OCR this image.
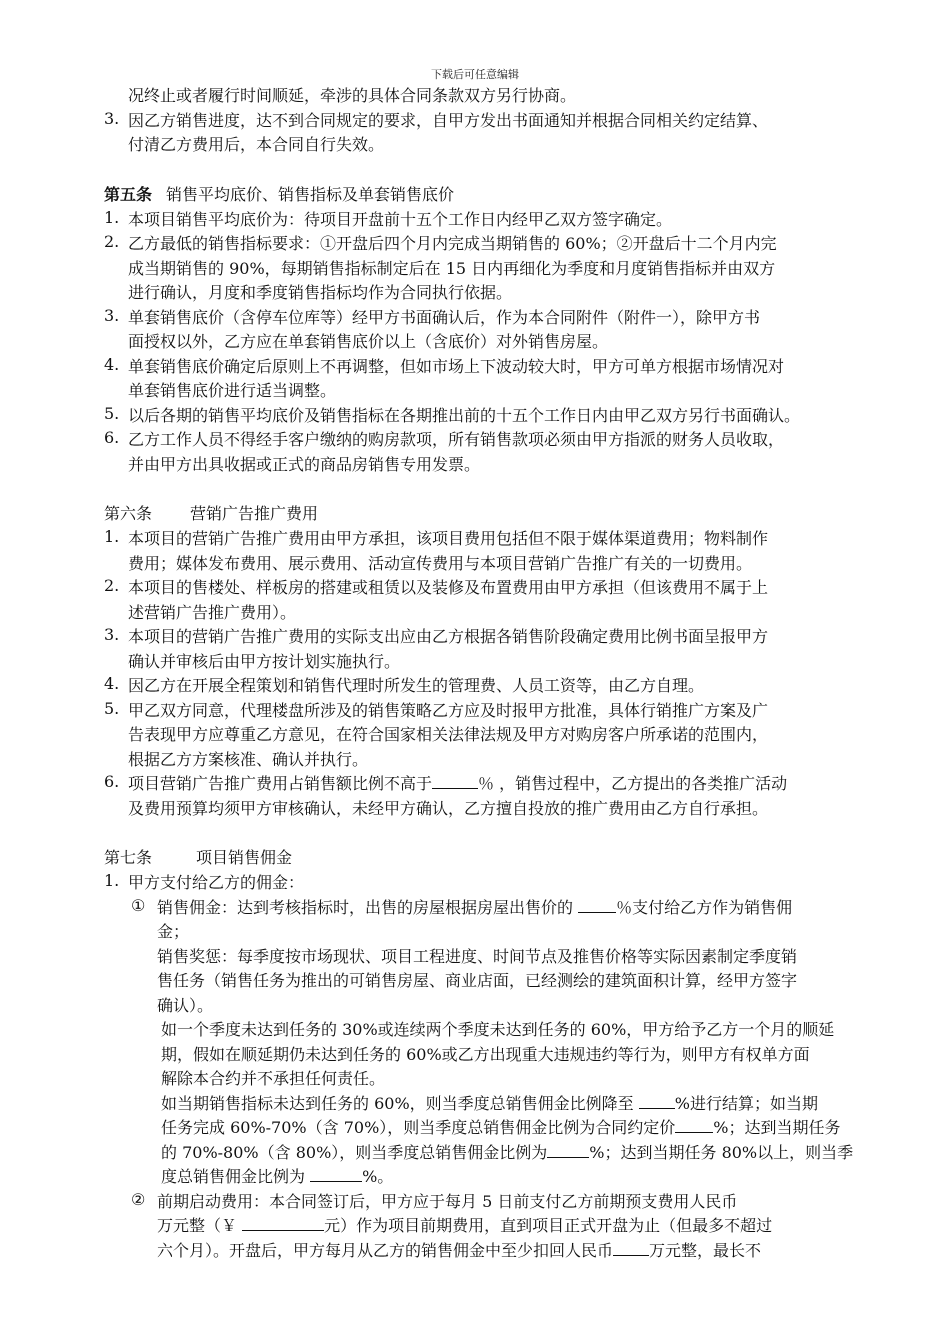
下载后可任意编辑
况终止或者履行时间顺延，牵涉的具体合同条款双方另行协商。
3. 因乙方销售进度，达不到合同规定的要求，自甲方发出书面通知并根据合同相关约定结算、
付清乙方费用后，本合同自行失效。
第五条 销售平均底价、销售指标及单套销售底价
1. 本项目销售平均底价为：待项目开盘前十五个工作日内经甲乙双方签字确定。
2. 乙方最低的销售指标要求：①开盘后四个月内完成当期销售的 60%；②开盘后十二个月内完
成当期销售的 90%，每期销售指标制定后在 15 日内再细化为季度和月度销售指标并由双方
进行确认，月度和季度销售指标均作为合同执行依据。
3. 单套销售底价（含停车位库等）经甲方书面确认后，作为本合同附件（附件一），除甲方书
面授权以外，乙方应在单套销售底价以上（含底价）对外销售房屋。
4. 单套销售底价确定后原则上不再调整，但如市场上下波动较大时，甲方可单方根据市场情况对
单套销售底价进行适当调整。
5. 以后各期的销售平均底价及销售指标在各期推出前的十五个工作日内由甲乙双方另行书面确认。
6. 乙方工作人员不得经手客户缴纳的购房款项，所有销售款项必须由甲方指派的财务人员收取，
并由甲方出具收据或正式的商品房销售专用发票。
第六条 营销广告推广费用
1. 本项目的营销广告推广费用由甲方承担，该项目费用包括但不限于媒体渠道费用；物料制作
费用；媒体发布费用、展示费用、活动宣传费用与本项目营销广告推广有关的一切费用。
2. 本项目的售楼处、样板房的搭建或租赁以及装修及布置费用由甲方承担（但该费用不属于上
述营销广告推广费用）。
3. 本项目的营销广告推广费用的实际支出应由乙方根据各销售阶段确定费用比例书面呈报甲方
确认并审核后由甲方按计划实施执行。
4. 因乙方在开展全程策划和销售代理时所发生的管理费、人员工资等，由乙方自理。
5. 甲乙双方同意，代理楼盘所涉及的销售策略乙方应及时报甲方批准，具体行销推广方案及广
告表现甲方应尊重乙方意见，在符合国家相关法律法规及甲方对购房客户所承诺的范围内，
根据乙方方案核准、确认并执行。
6. 项目营销广告推广费用占销售额比例不高于	％ ，销售过程中，乙方提出的各类推广活动
及费用预算均须甲方审核确认，未经甲方确认，乙方擅自投放的推广费用由乙方自行承担。
第七条	项目销售佣金
1. 甲方支付给乙方的佣金：
① 销售佣金：达到考核指标时，出售的房屋根据房屋出售价的 ％支付给乙方作为销售佣
金；
销售奖惩：每季度按市场现状、项目工程进度、时间节点及推售价格等实际因素制定季度销
售任务（销售任务为推出的可销售房屋、商业店面，已经测绘的建筑面积计算，经甲方签字
确认）。
如一个季度未达到任务的 30%或连续两个季度未达到任务的 60%，甲方给予乙方一个月的顺延
期，假如在顺延期仍未达到任务的 60%或乙方出现重大违规违约等行为，则甲方有权单方面
解除本合约并不承担任何责任。
如当期销售指标未达到任务的 60%，则当季度总销售佣金比例降至 %进行结算；如当期
任务完成 60%-70%（含 70%），则当季度总销售佣金比例为合同约定价 %；达到当期任务
的 70%-80%（含 80%），则当季度总销售佣金比例为	%；达到当期任务 80%以上，则当季
度总销售佣金比例为	%。
② 前期启动费用：本合同签订后，甲方应于每月 5 日前支付乙方前期预支费用人民币
万元整（￥	元）作为项目前期费用，直到项目正式开盘为止（但最多不超过
六个月）。开盘后，甲方每月从乙方的销售佣金中至少扣回人民币 万元整，最长不
